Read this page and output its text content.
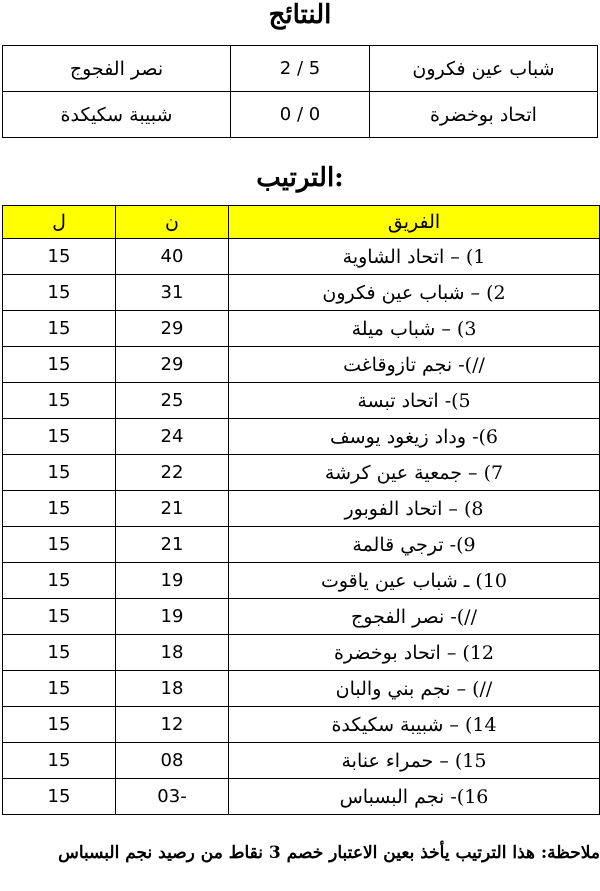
النتائج
شباب عين فكرون	5 / 2	نصر الفجوج
اتحاد بوخضرة	0 / 0	شبيبة سكيكدة
الترتيب:
الفريق	ن	ل
1) – اتحاد الشاوية	40	15
2) – شباب عين فكرون	31	15
3) – شباب ميلة	29	15
//)- نجم تازوقاغت	29	15
5)- اتحاد تبسة	25	15
6)- وداد زيغود يوسف	24	15
7) – جمعية عين كرشة	22	15
8) – اتحاد الفوبور	21	15
9)- ترجي قالمة	21	15
10) ـ شباب عين ياقوت	19	15
//)- نصر الفجوج	19	15
12) – اتحاد بوخضرة	18	15
//) – نجم بني والبان	18	15
14) – شبيبة سكيكدة	12	15
15) – حمراء عنابة	08	15
16)- نجم البسباس	-03	15
ملاحظة: هذا الترتيب يأخذ بعين الاعتبار خصم 3 نقاط من رصيد نجم البسباس
